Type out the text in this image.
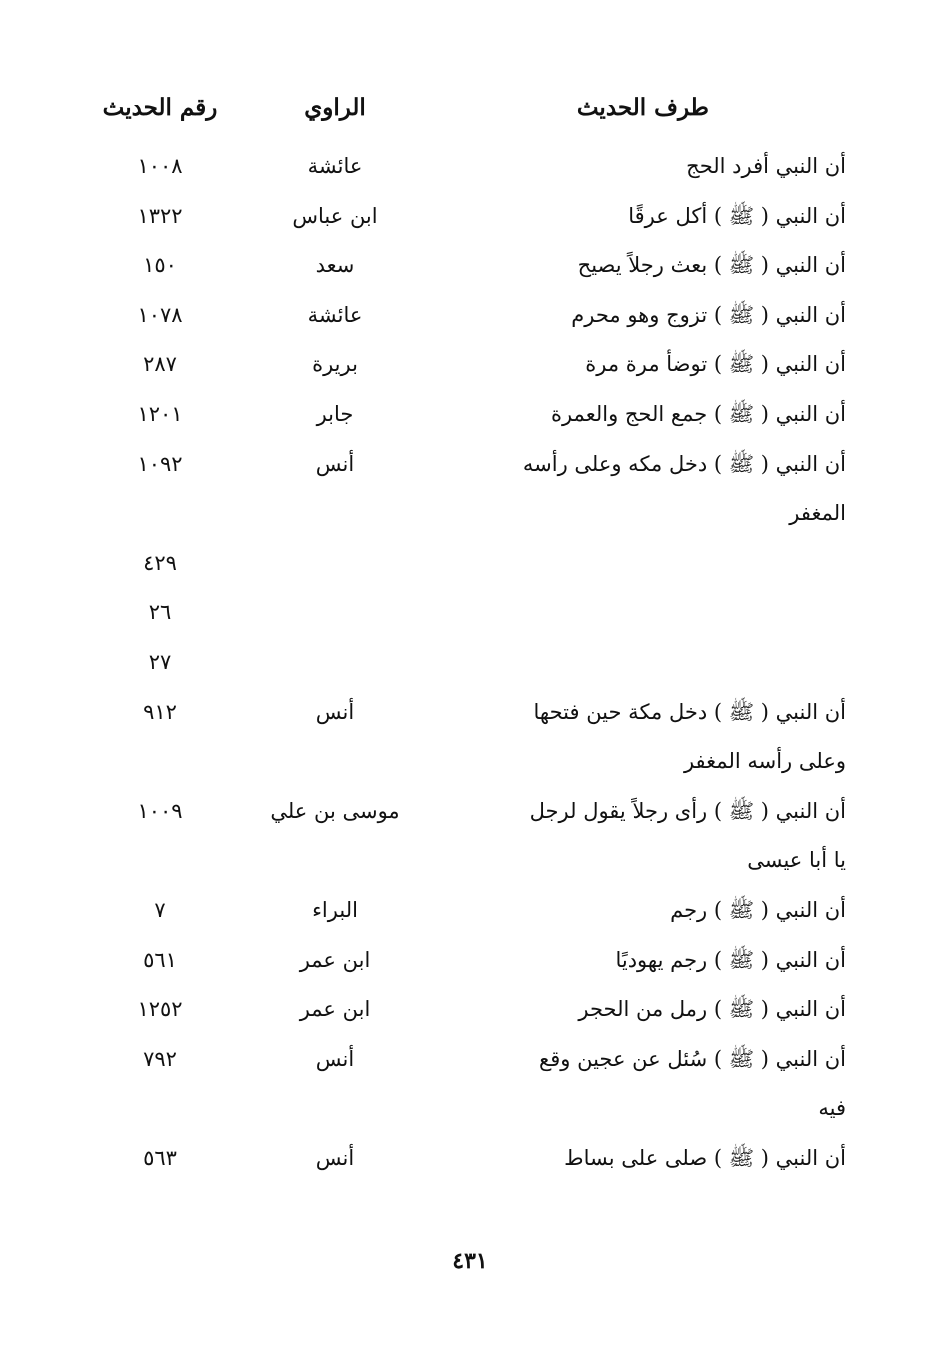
طرف الحديث
الراوي
رقم الحديث
أن النبي أفرد الحج
عائشة
١٠٠٨
أن النبي ( ﷺ ) أكل عرقًا
ابن عباس
١٣٢٢
أن النبي ( ﷺ ) بعث رجلاً يصيح
سعد
١٥٠
أن النبي ( ﷺ ) تزوج وهو محرم
عائشة
١٠٧٨
أن النبي ( ﷺ ) توضأ مرة مرة
بريرة
٢٨٧
أن النبي ( ﷺ ) جمع الحج والعمرة
جابر
١٢٠١
أن النبي ( ﷺ ) دخل مكه وعلى رأسه
أنس
١٠٩٢
المغفر
٤٢٩
٢٦
٢٧
أن النبي ( ﷺ ) دخل مكة حين فتحها
أنس
٩١٢
وعلى رأسه المغفر
أن النبي ( ﷺ ) رأى رجلاً يقول لرجل
موسى بن علي
١٠٠٩
يا أبا عيسى
أن النبي ( ﷺ ) رجم
البراء
٧
أن النبي ( ﷺ ) رجم يهوديًا
ابن عمر
٥٦١
أن النبي ( ﷺ ) رمل من الحجر
ابن عمر
١٢٥٢
أن النبي ( ﷺ ) سُئل عن عجين وقع
أنس
٧٩٢
فيه
أن النبي ( ﷺ ) صلى على بساط
أنس
٥٦٣
٤٣١
